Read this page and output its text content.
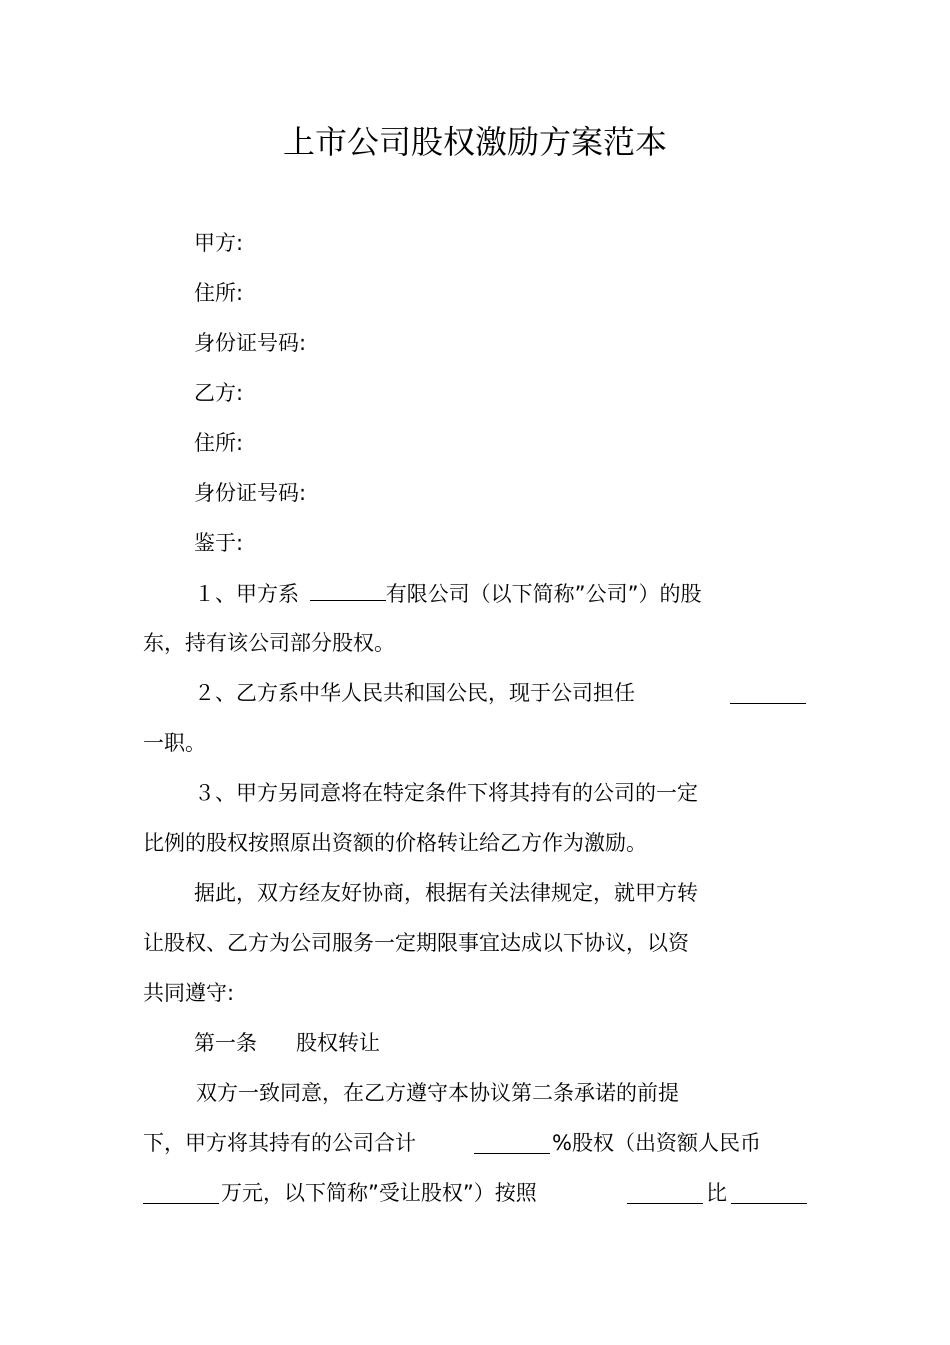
上市公司股权激励方案范本
甲方:
住所:
身份证号码:
乙方:
住所:
身份证号码:
鉴于:
１、甲方系	有限公司（以下简称”公司”）的股
东，持有该公司部分股权。
２、乙方系中华人民共和国公民，现于公司担任
一职。
３、甲方另同意将在特定条件下将其持有的公司的一定
比例的股权按照原出资额的价格转让给乙方作为激励。
据此，双方经友好协商，根据有关法律规定，就甲方转
让股权、乙方为公司服务一定期限事宜达成以下协议，以资
共同遵守:
第一条 股权转让
双方一致同意，在乙方遵守本协议第二条承诺的前提
下，甲方将其持有的公司合计	%股权（出资额人民币
万元，以下简称”受让股权”）按照	比
